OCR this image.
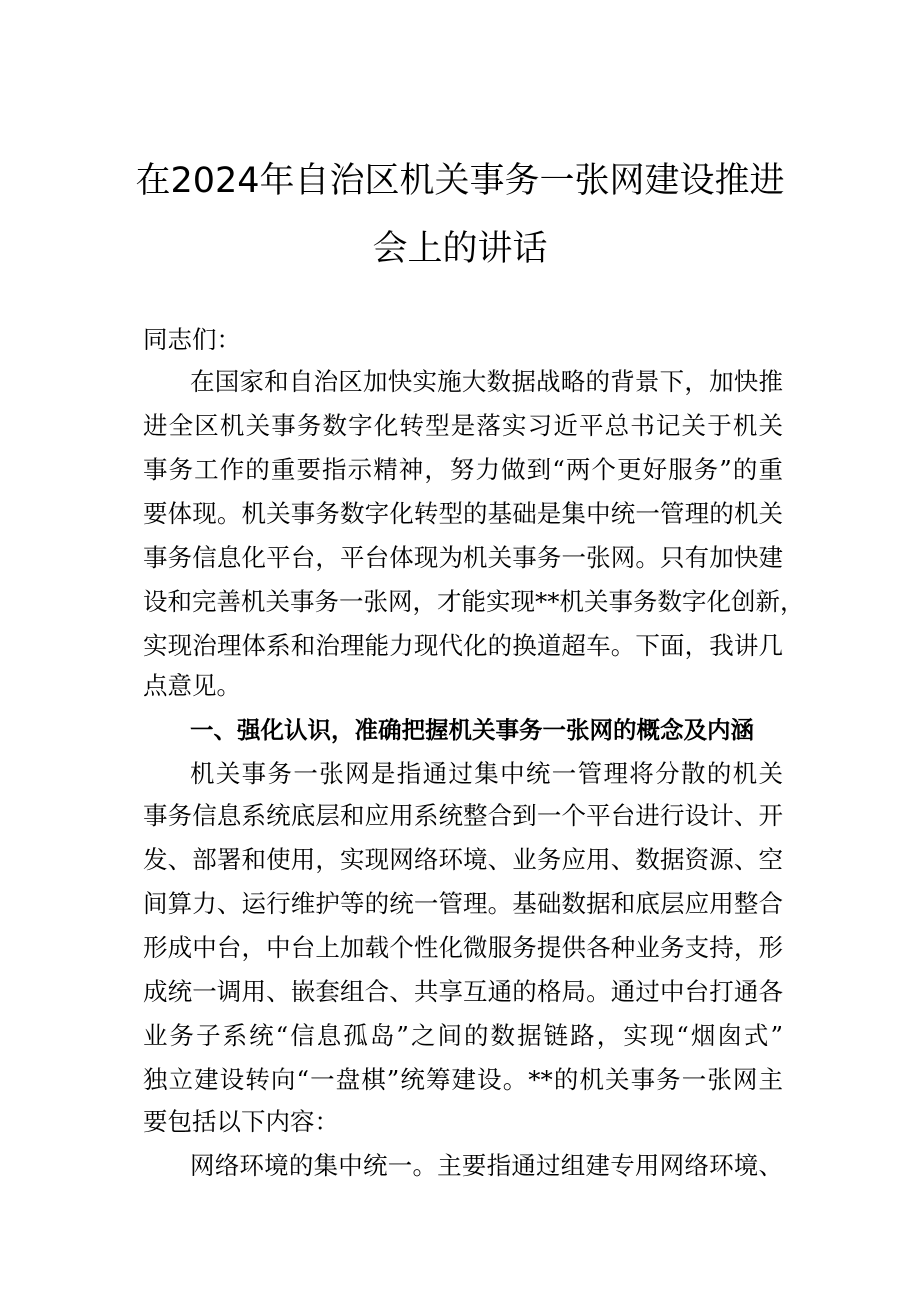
在2024年自治区机关事务一张网建设推进
会上的讲话
同志们：
在国家和自治区加快实施大数据战略的背景下，加快推
进全区机关事务数字化转型是落实习近平总书记关于机关
事务工作的重要指示精神，努力做到“两个更好服务”的重
要体现。机关事务数字化转型的基础是集中统一管理的机关
事务信息化平台，平台体现为机关事务一张网。只有加快建
设和完善机关事务一张网，才能实现**机关事务数字化创新，
实现治理体系和治理能力现代化的换道超车。下面，我讲几
点意见。
一、强化认识，准确把握机关事务一张网的概念及内涵
机关事务一张网是指通过集中统一管理将分散的机关
事务信息系统底层和应用系统整合到一个平台进行设计、开
发、部署和使用，实现网络环境、业务应用、数据资源、空
间算力、运行维护等的统一管理。基础数据和底层应用整合
形成中台，中台上加载个性化微服务提供各种业务支持，形
成统一调用、嵌套组合、共享互通的格局。通过中台打通各
业务子系统“信息孤岛”之间的数据链路，实现“烟囱式”
独立建设转向“一盘棋”统筹建设。**的机关事务一张网主
要包括以下内容：
网络环境的集中统一。主要指通过组建专用网络环境、
